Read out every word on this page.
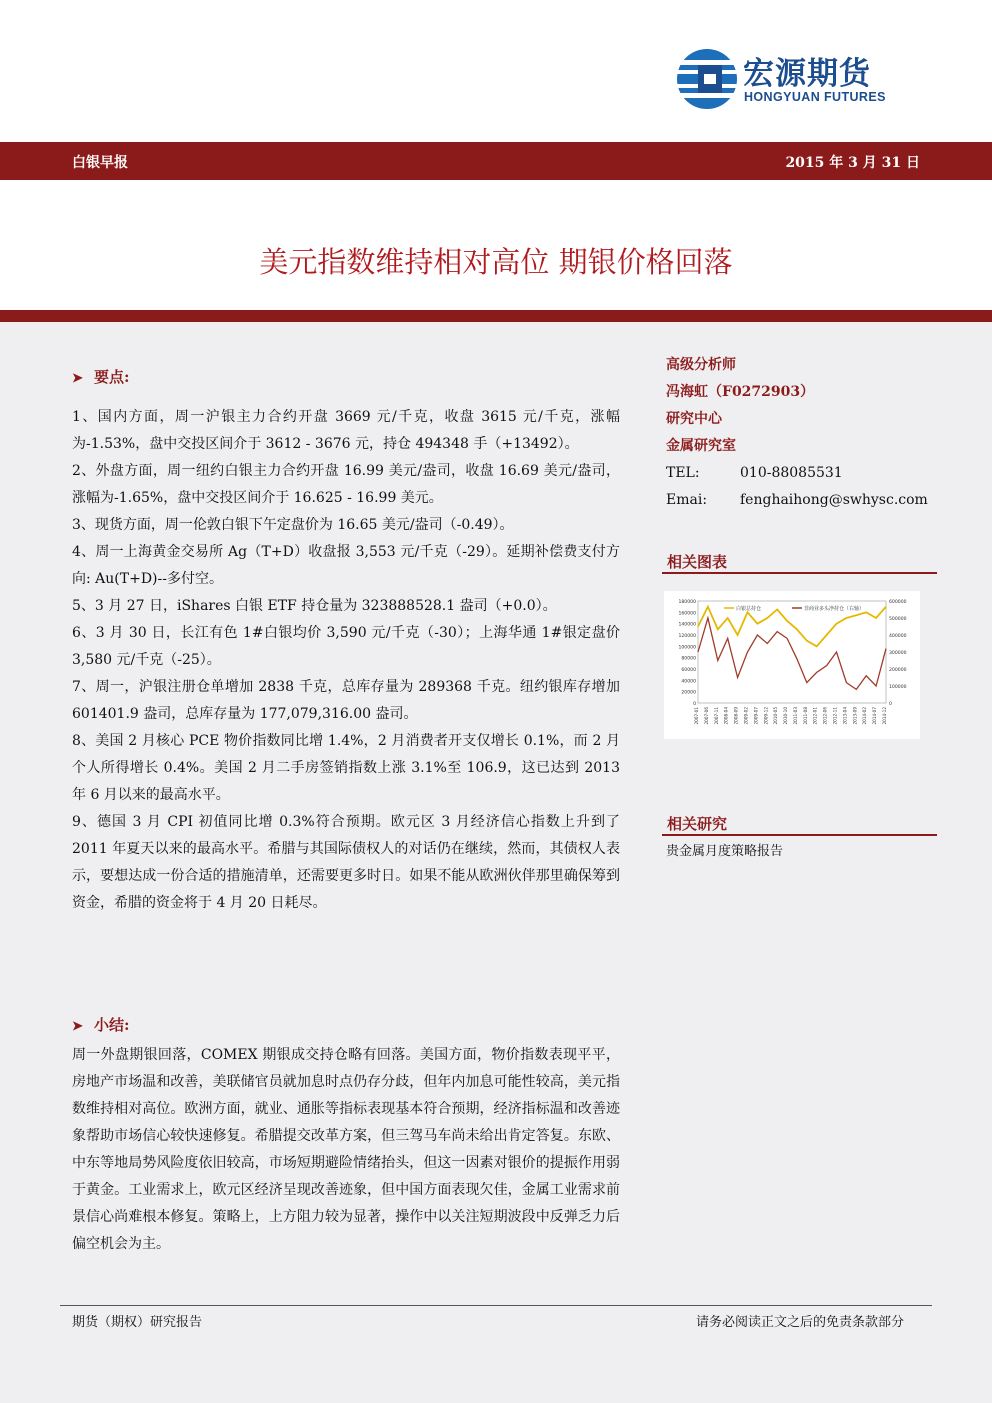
宏源期货
HONGYUAN FUTURES
白银早报	2015 年 3 月 31 日
美元指数维持相对高位 期银价格回落
➤ 要点:

1、国内方面，周一沪银主力合约开盘 3669 元/千克，收盘 3615 元/千克，涨幅为-1.53%，盘中交投区间介于 3612 - 3676 元，持仓 494348 手（+13492）。

2、外盘方面，周一纽约白银主力合约开盘 16.99 美元/盎司，收盘 16.69 美元/盎司，涨幅为-1.65%，盘中交投区间介于 16.625 - 16.99 美元。

3、现货方面，周一伦敦白银下午定盘价为 16.65 美元/盎司（-0.49）。

4、周一上海黄金交易所 Ag（T+D）收盘报 3,553 元/千克（-29）。延期补偿费支付方向: Au(T+D)--多付空。

5、3 月 27 日，iShares 白银 ETF 持仓量为 323888528.1 盎司（+0.0）。

6、3 月 30 日，长江有色 1#白银均价 3,590 元/千克（-30）；上海华通 1#银定盘价 3,580 元/千克（-25）。

7、周一，沪银注册仓单增加 2838 千克，总库存量为 289368 千克。纽约银库存增加 601401.9 盎司，总库存量为 177,079,316.00 盎司。

8、美国 2 月核心 PCE 物价指数同比增 1.4%，2 月消费者开支仅增长 0.1%，而 2 月个人所得增长 0.4%。美国 2 月二手房签销指数上涨 3.1%至 106.9，这已达到 2013 年 6 月以来的最高水平。

9、德国 3 月 CPI 初值同比增 0.3%符合预期。欧元区 3 月经济信心指数上升到了 2011 年夏天以来的最高水平。希腊与其国际债权人的对话仍在继续，然而，其债权人表示，要想达成一份合适的措施清单，还需要更多时日。如果不能从欧洲伙伴那里确保筹到资金，希腊的资金将于 4 月 20 日耗尽。

➤ 小结:

周一外盘期银回落，COMEX 期银成交持仓略有回落。美国方面，物价指数表现平平，房地产市场温和改善，美联储官员就加息时点仍存分歧，但年内加息可能性较高，美元指数维持相对高位。欧洲方面，就业、通胀等指标表现基本符合预期，经济指标温和改善迹象帮助市场信心较快速修复。希腊提交改革方案，但三驾马车尚未给出肯定答复。东欧、中东等地局势风险度依旧较高，市场短期避险情绪抬头，但这一因素对银价的提振作用弱于黄金。工业需求上，欧元区经济呈现改善迹象，但中国方面表现欠佳，金属工业需求前景信心尚难根本修复。策略上，上方阻力较为显著，操作中以关注短期波段中反弹乏力后偏空机会为主。

高级分析师
冯海虹（F0272903）
研究中心
金属研究室
TEL:	010-88085531
Emai: fenghaihong@swhysc.com
相关图表
0
20000
40000
60000
80000
100000
120000
140000
160000
180000
0
100000
200000
300000
400000
500000
600000
2007-01 2007-06 2007-11 2008-04 2008-09 2009-02 2009-07 2009-12 2010-05 2010-10 2011-03 2011-08 2012-01 2012-06 2012-11 2013-04 2013-09 2014-02 2014-07 2014-12
白银总持仓	非商业多头净持仓（右轴）
相关研究
贵金属月度策略报告
期货（期权）研究报告	请务必阅读正文之后的免责条款部分
